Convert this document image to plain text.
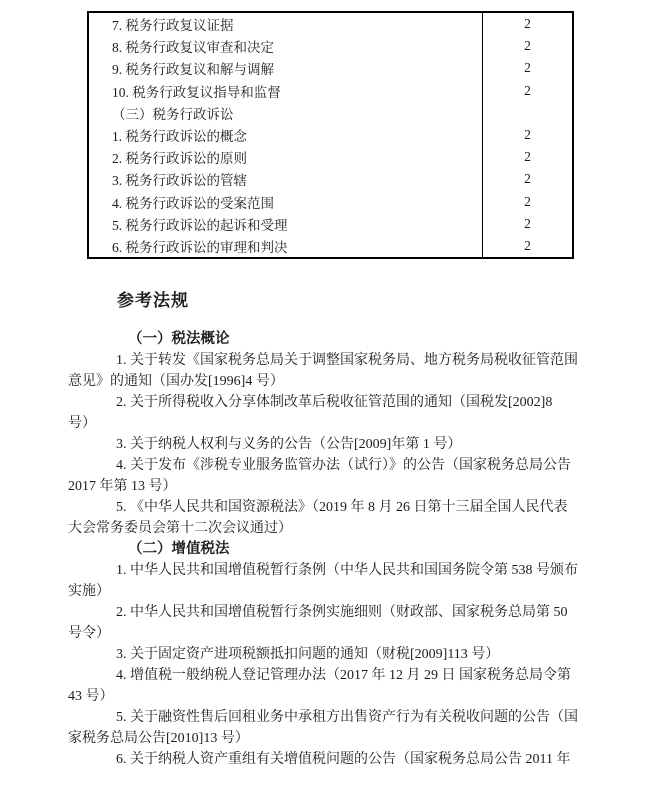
7. 税务行政复议证据	2
8. 税务行政复议审查和决定	2
9. 税务行政复议和解与调解	2
10. 税务行政复议指导和监督	2
（三）税务行政诉讼
1. 税务行政诉讼的概念	2
2. 税务行政诉讼的原则	2
3. 税务行政诉讼的管辖	2
4. 税务行政诉讼的受案范围	2
5. 税务行政诉讼的起诉和受理	2
6. 税务行政诉讼的审理和判决	2
参考法规
（一）税法概论
1. 关于转发《国家税务总局关于调整国家税务局、地方税务局税收征管范围
意见》的通知（国办发[1996]4 号）
2. 关于所得税收入分享体制改革后税收征管范围的通知（国税发[2002]8
号）
3. 关于纳税人权利与义务的公告（公告[2009]年第 1 号）
4. 关于发布《涉税专业服务监管办法（试行）》的公告（国家税务总局公告
2017 年第 13 号）
5. 《中华人民共和国资源税法》（2019 年 8 月 26 日第十三届全国人民代表
大会常务委员会第十二次会议通过）
（二）增值税法
1. 中华人民共和国增值税暂行条例（中华人民共和国国务院令第 538 号颁布
实施）
2. 中华人民共和国增值税暂行条例实施细则（财政部、国家税务总局第 50
号令）
3. 关于固定资产进项税额抵扣问题的通知（财税[2009]113 号）
4. 增值税一般纳税人登记管理办法（2017 年 12 月 29 日 国家税务总局令第
43 号）
5. 关于融资性售后回租业务中承租方出售资产行为有关税收问题的公告（国
家税务总局公告[2010]13 号）
6. 关于纳税人资产重组有关增值税问题的公告（国家税务总局公告 2011 年
